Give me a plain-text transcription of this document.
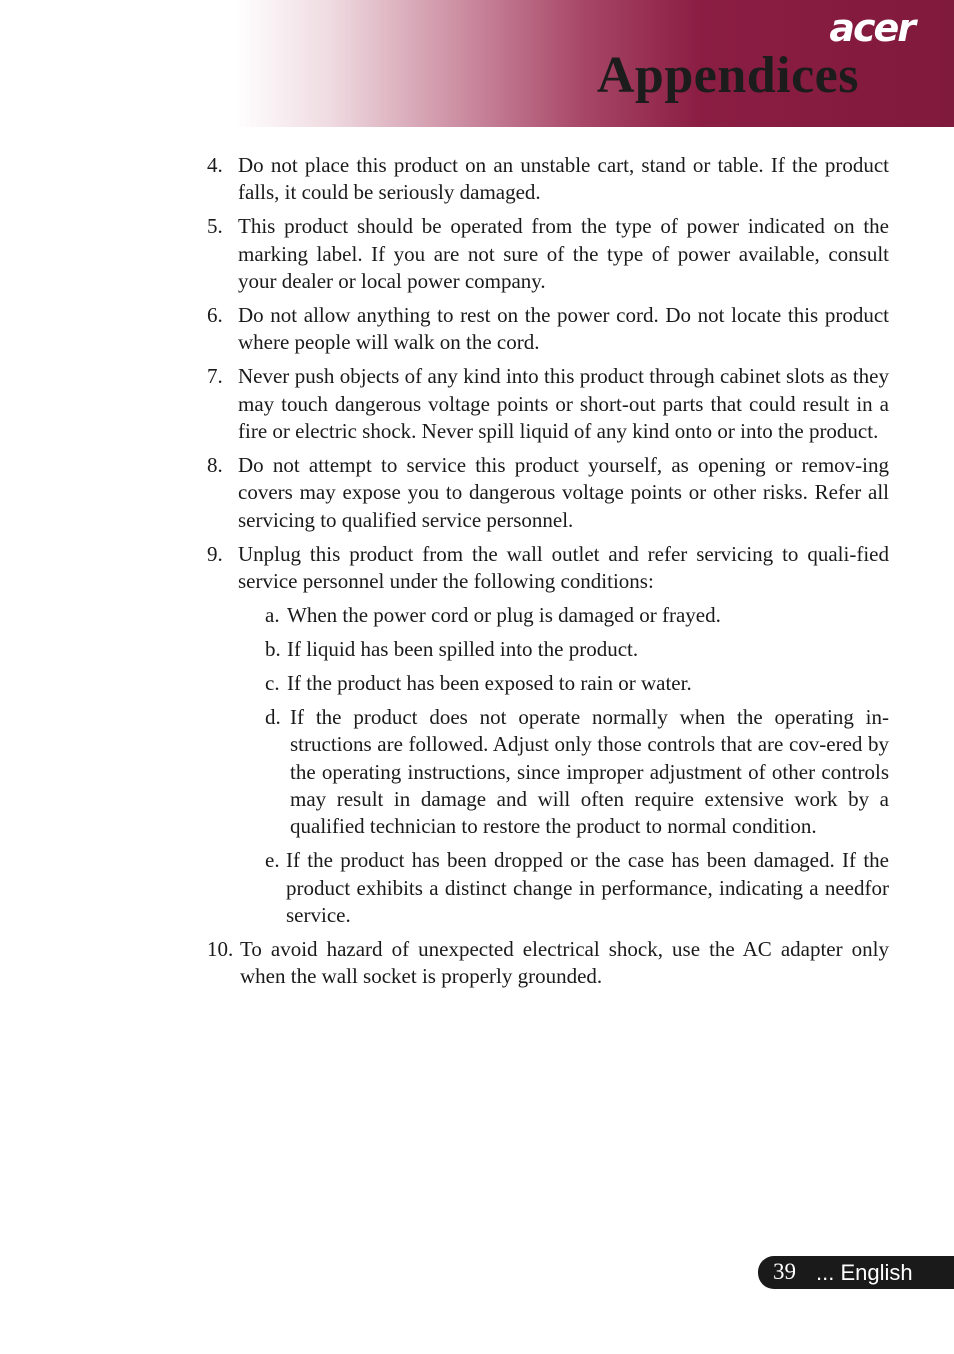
acer
Appendices
4. Do not place this product on an unstable cart, stand or table. If the product falls, it could be seriously damaged.
5. This product should be operated from the type of power indicated on the marking label. If you are not sure of the type of power available, consult your dealer or local power company.
6. Do not allow anything to rest on the power cord. Do not locate this product where people will walk on the cord.
7. Never push objects of any kind into this product through cabinet slots as they may touch dangerous voltage points or short-out parts that could result in a fire or electric shock. Never spill liquid of any kind onto or into the product.
8. Do not attempt to service this product yourself, as opening or remov-ing covers may expose you to dangerous voltage points or other risks. Refer all servicing to qualified service personnel.
9. Unplug this product from the wall outlet and refer servicing to quali-fied service personnel under the following conditions:
a. When the power cord or plug is damaged or frayed.
b. If liquid has been spilled into the product.
c. If the product has been exposed to rain or water.
d. If the product does not operate normally when the operating in-structions are followed. Adjust only those controls that are cov-ered by the operating instructions, since improper adjustment of other controls may result in damage and will often require extensive work by a qualified technician to restore the product to normal condition.
e. If the product has been dropped or the case has been damaged. If the product exhibits a distinct change in performance, indicating a needfor service.
10. To avoid hazard of unexpected electrical shock, use the AC adapter only when the wall socket is properly grounded.
39 ... English
